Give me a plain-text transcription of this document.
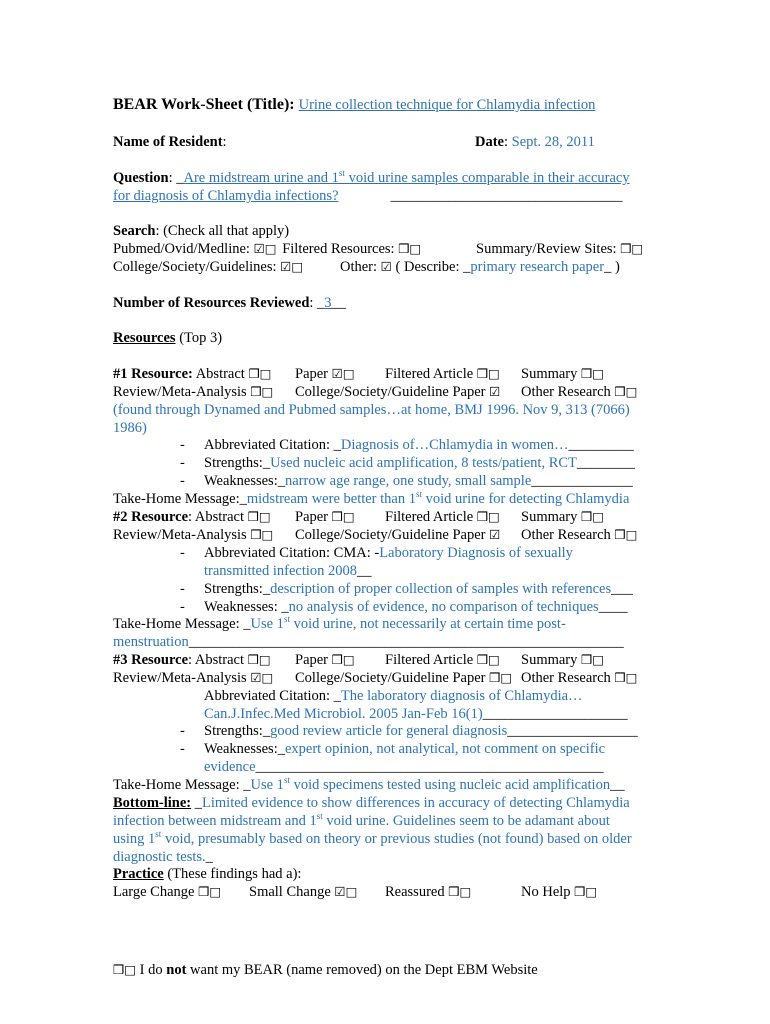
BEAR Work-Sheet (Title): Urine collection technique for Chlamydia infection
Name of Resident:	Date: Sept. 28, 2011
Question: _Are midstream urine and 1st void urine samples comparable in their accuracy
for diagnosis of Chlamydia infections?	________________________________
Search: (Check all that apply)
Pubmed/Ovid/Medline: ☑□ Filtered Resources: ❒□	Summary/Review Sites: ❒□
College/Society/Guidelines: ☑□	Other: ☑ ( Describe: _primary research paper_ )
Number of Resources Reviewed: _3__
Resources (Top 3)
#1 Resource: Abstract ❒□ Paper ☑□ Filtered Article ❒□ Summary ❒□
Review/Meta-Analysis ❒□ College/Society/Guideline Paper ☑ Other Research ❒□
(found through Dynamed and Pubmed samples…at home, BMJ 1996. Nov 9, 313 (7066)
1986)
- Abbreviated Citation: _Diagnosis of…Chlamydia in women…_________
- Strengths:_Used nucleic acid amplification, 8 tests/patient, RCT________
- Weaknesses:_narrow age range, one study, small sample______________
Take-Home Message:_midstream were better than 1st void urine for detecting Chlamydia
#2 Resource: Abstract ❒□ Paper ❒□ Filtered Article ❒□ Summary ❒□
Review/Meta-Analysis ❒□ College/Society/Guideline Paper ☑ Other Research ❒□
- Abbreviated Citation: CMA: -Laboratory Diagnosis of sexually
transmitted infection 2008__
- Strengths:_description of proper collection of samples with references___
- Weaknesses: _no analysis of evidence, no comparison of techniques____
Take-Home Message: _Use 1st void urine, not necessarily at certain time post-
menstruation____________________________________________________________
#3 Resource: Abstract ❒□ Paper ❒□ Filtered Article ❒□ Summary ❒□
Review/Meta-Analysis ☑□ College/Society/Guideline Paper ❒□ Other Research ❒□
Abbreviated Citation: _The laboratory diagnosis of Chlamydia…
Can.J.Infec.Med Microbiol. 2005 Jan-Feb 16(1)____________________
- Strengths:_good review article for general diagnosis__________________
- Weaknesses:_expert opinion, not analytical, not comment on specific
evidence________________________________________________
Take-Home Message: _Use 1st void specimens tested using nucleic acid amplification__
Bottom-line: _Limited evidence to show differences in accuracy of detecting Chlamydia
infection between midstream and 1st void urine. Guidelines seem to be adamant about
using 1st void, presumably based on theory or previous studies (not found) based on older
diagnostic tests._
Practice (These findings had a):
Large Change ❒□ Small Change ☑□ Reassured ❒□	No Help ❒□
❒□ I do not want my BEAR (name removed) on the Dept EBM Website
